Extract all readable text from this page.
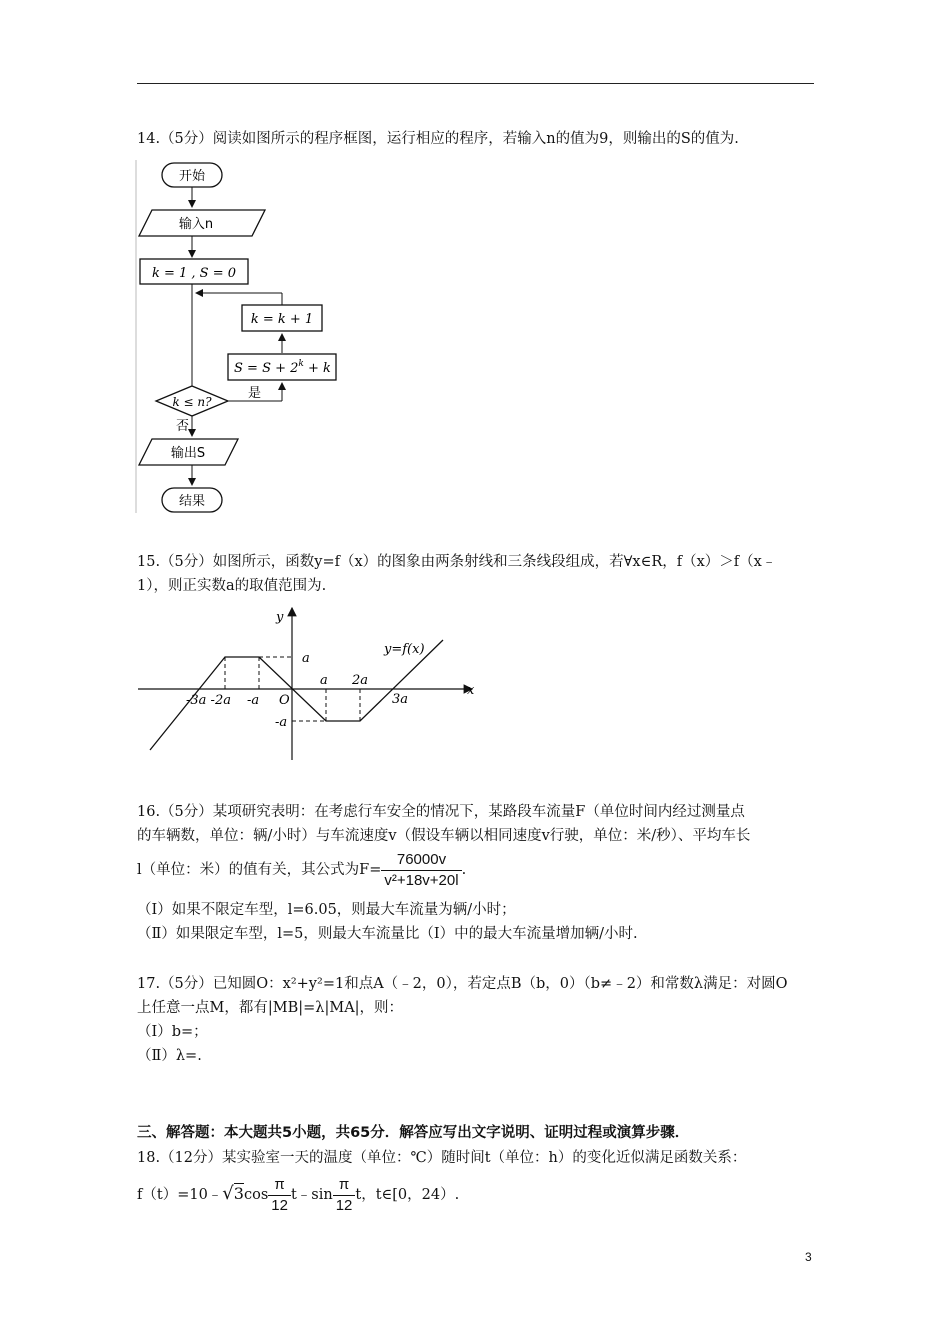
14.（5分）阅读如图所示的程序框图，运行相应的程序，若输入n的值为9，则输出的S的值为.
开始
输入n
k = 1 , S = 0
k = k + 1
$S = S + 2^k + k$
k ≤ n?
是
否
输出S
结果
15.（5分）如图所示，函数y=f（x）的图象由两条射线和三条线段组成，若∀x∈R，f（x）＞f（x﹣
1），则正实数a的取值范围为.
y
x
y=f(x)
a
-a
a 2a
3a
-3a -2a -a O
16.（5分）某项研究表明：在考虑行车安全的情况下，某路段车流量F（单位时间内经过测量点
的车辆数，单位：辆/小时）与车流速度v（假设车辆以相同速度v行驶，单位：米/秒）、平均车长
l（单位：米）的值有关，其公式为$F= \frac{76000v}{\text{v²+18v+20l}}$ .
（Ⅰ）如果不限定车型，l=6.05，则最大车流量为辆/小时；
（Ⅱ）如果限定车型，l=5，则最大车流量比（Ⅰ）中的最大车流量增加辆/小时.
17.（5分）已知圆O：x²+y²=1和点A（﹣2，0），若定点B（b，0）（b≠﹣2）和常数λ满足：对圆O
上任意一点M，都有|MB|=λ|MA|，则：
（Ⅰ）b=；
（Ⅱ）λ=.
三、解答题：本大题共5小题，共65分．解答应写出文字说明、证明过程或演算步骤．
18.（12分）某实验室一天的温度（单位：℃）随时间t（单位：h）的变化近似满足函数关系：
f（t）=10﹣√3cos $\frac{\pi}{12}$ t﹣sin $\frac{\pi}{12}$ t，t∈[0，24）.
3
